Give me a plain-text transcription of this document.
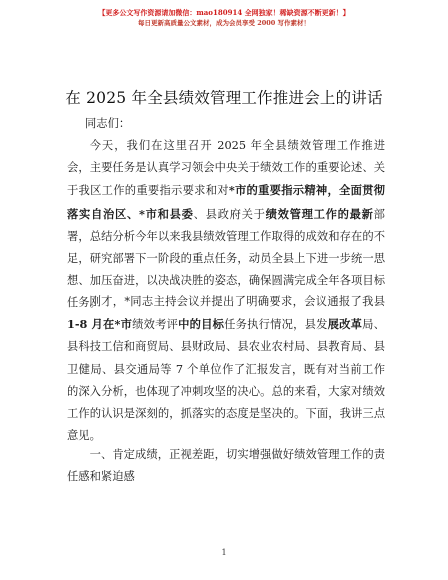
【更多公文写作资源请加微信：mao180914 全网独家！稀缺资源不断更新！】
每日更新高质量公文素材，成为会员享受 2000 写作素材！
在 2025 年全县绩效管理工作推进会上的讲话
同志们：
今天，我们在这里召开 2025 年全县绩效管理工作推进会，主要任务是认真学习领会中央关于绩效工作的重要论述、关于我区工作的重要指示要求和对*市的重要指示精神，全面贯彻落实自治区、*市和县委、县政府关于绩效管理工作的最新部署，总结分析今年以来我县绩效管理工作取得的成效和存在的不足，研究部署下一阶段的重点任务，动员全县上下进一步统一思想、加压奋进，以决战决胜的姿态，确保圆满完成全年各项目标任务。
刚才，*同志主持会议并提出了明确要求，会议通报了我县 1-8 月在*市绩效考评中的目标任务执行情况，县发展改革局、县科技工信和商贸局、县财政局、县农业农村局、县教育局、县卫健局、县交通局等 7 个单位作了汇报发言，既有对当前工作的深入分析，也体现了冲刺攻坚的决心。总的来看，大家对绩效工作的认识是深刻的，抓落实的态度是坚决的。下面，我讲三点意见。
一、肯定成绩，正视差距，切实增强做好绩效管理工作的责任感和紧迫感
1
